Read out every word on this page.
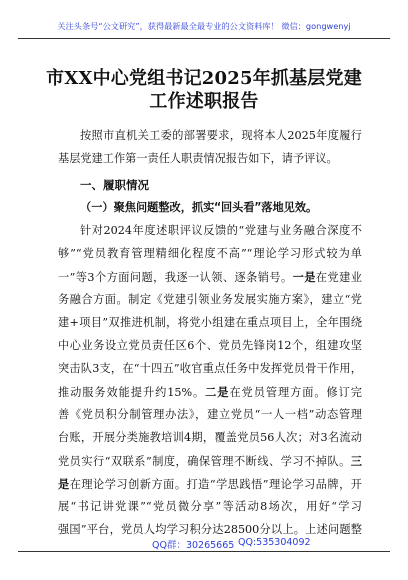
关注头条号“公文研究”，获得最新最全最专业的公文资料库！ 微信：gongwenyj
市XX中心党组书记2025年抓基层党建
工作述职报告
按照市直机关工委的部署要求，现将本人2025年度履行
基层党建工作第一责任人职责情况报告如下，请予评议。
一、履职情况
（一）聚焦问题整改，抓实“回头看”落地见效。
针对2024年度述职评议反馈的“党建与业务融合深度不
够”“党员教育管理精细化程度不高”“理论学习形式较为单
一”等3个方面问题，我逐一认领、逐条销号。一是在党建业
务融合方面。制定《党建引领业务发展实施方案》，建立“党
建+项目”双推进机制，将党小组建在重点项目上，全年围绕
中心业务设立党员责任区6个、党员先锋岗12个，组建攻坚
突击队3支，在“十四五”收官重点任务中发挥党员骨干作用，
推动服务效能提升约15%。二是在党员管理方面。修订完
善《党员积分制管理办法》，建立党员“一人一档”动态管理
台账，开展分类施教培训4期，覆盖党员56人次；对3名流动
党员实行“双联系”制度，确保管理不断线、学习不掉队。三
是在理论学习创新方面。打造“学思践悟”理论学习品牌，开
展“书记讲党课”“党员微分享”等活动8场次，用好“学习
强国”平台，党员人均学习积分达28500分以上。上述问题整
QQ群：30265665 QQ:535304092
